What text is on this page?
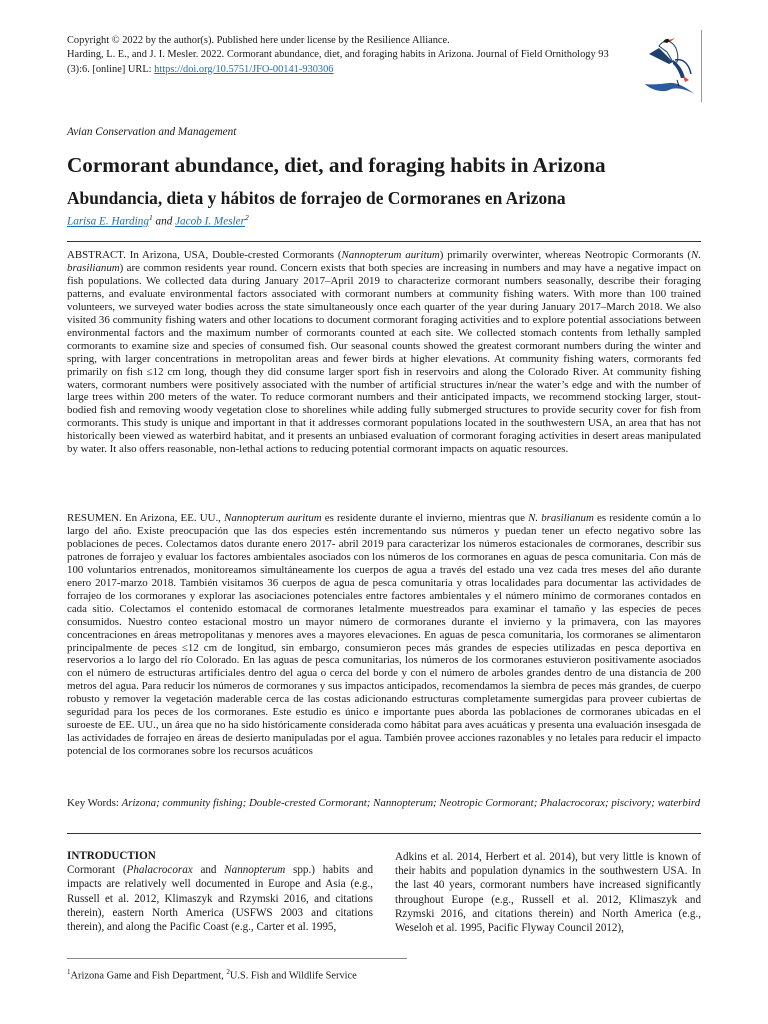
Copyright © 2022 by the author(s). Published here under license by the Resilience Alliance.
Harding, L. E., and J. I. Mesler. 2022. Cormorant abundance, diet, and foraging habits in Arizona. Journal of Field Ornithology 93 (3):6. [online] URL: https://doi.org/10.5751/JFO-00141-930306
Avian Conservation and Management
Cormorant abundance, diet, and foraging habits in Arizona
Abundancia, dieta y hábitos de forrajeo de Cormoranes en Arizona
Larisa E. Harding$^1$ and Jacob I. Mesler$^2$

ABSTRACT. In Arizona, USA, Double-crested Cormorants (Nannopterum auritum) primarily overwinter, whereas Neotropic Cormorants (N. brasilianum) are common residents year round. Concern exists that both species are increasing in numbers and may have a negative impact on fish populations. We collected data during January 2017–April 2019 to characterize cormorant numbers seasonally, describe their foraging patterns, and evaluate environmental factors associated with cormorant numbers at community fishing waters. With more than 100 trained volunteers, we surveyed water bodies across the state simultaneously once each quarter of the year during January 2017–March 2018. We also visited 36 community fishing waters and other locations to document cormorant foraging activities and to explore potential associations between environmental factors and the maximum number of cormorants counted at each site. We collected stomach contents from lethally sampled cormorants to examine size and species of consumed fish. Our seasonal counts showed the greatest cormorant numbers during the winter and spring, with larger concentrations in metropolitan areas and fewer birds at higher elevations. At community fishing waters, cormorants fed primarily on fish ≤12 cm long, though they did consume larger sport fish in reservoirs and along the Colorado River. At community fishing waters, cormorant numbers were positively associated with the number of artificial structures in/near the water’s edge and with the number of large trees within 200 meters of the water. To reduce cormorant numbers and their anticipated impacts, we recommend stocking larger, stout-bodied fish and removing woody vegetation close to shorelines while adding fully submerged structures to provide security cover for fish from cormorants. This study is unique and important in that it addresses cormorant populations located in the southwestern USA, an area that has not historically been viewed as waterbird habitat, and it presents an unbiased evaluation of cormorant foraging activities in desert areas manipulated by water. It also offers reasonable, non-lethal actions to reducing potential cormorant impacts on aquatic resources.

RESUMEN. En Arizona, EE. UU., Nannopterum auritum es residente durante el invierno, mientras que N. brasilianum es residente común a lo largo del año. Existe preocupación que las dos especies estén incrementando sus números y puedan tener un efecto negativo sobre las poblaciones de peces. Colectamos datos durante enero 2017- abril 2019 para caracterizar los números estacionales de cormoranes, describir sus patrones de forrajeo y evaluar los factores ambientales asociados con los números de los cormoranes en aguas de pesca comunitaria. Con más de 100 voluntarios entrenados, monitoreamos simultáneamente los cuerpos de agua a través del estado una vez cada tres meses del año durante enero 2017-marzo 2018. También visitamos 36 cuerpos de agua de pesca comunitaria y otras localidades para documentar las actividades de forrajeo de los cormoranes y explorar las asociaciones potenciales entre factores ambientales y el número mínimo de cormoranes contados en cada sitio. Colectamos el contenido estomacal de cormoranes letalmente muestreados para examinar el tamaño y las especies de peces consumidos. Nuestro conteo estacional mostro un mayor número de cormoranes durante el invierno y la primavera, con las mayores concentraciones en áreas metropolitanas y menores aves a mayores elevaciones. En aguas de pesca comunitaria, los cormoranes se alimentaron principalmente de peces ≤12 cm de longitud, sin embargo, consumieron peces más grandes de especies utilizadas en pesca deportiva en reservorios a lo largo del río Colorado. En las aguas de pesca comunitarias, los números de los cormoranes estuvieron positivamente asociados con el número de estructuras artificiales dentro del agua o cerca del borde y con el número de arboles grandes dentro de una distancia de 200 metros del agua. Para reducir los números de cormoranes y sus impactos anticipados, recomendamos la siembra de peces más grandes, de cuerpo robusto y remover la vegetación maderable cerca de las costas adicionando estructuras completamente sumergidas para proveer cubiertas de seguridad para los peces de los cormoranes. Este estudio es único e importante pues aborda las poblaciones de cormoranes ubicadas en el suroeste de EE. UU., un área que no ha sido históricamente considerada como hábitat para aves acuáticas y presenta una evaluación insesgada de las actividades de forrajeo en áreas de desierto manipuladas por el agua. También provee acciones razonables y no letales para reducir el impacto potencial de los cormoranes sobre los recursos acuáticos

Key Words: Arizona; community fishing; Double-crested Cormorant; Nannopterum; Neotropic Cormorant; Phalacrocorax; piscivory; waterbird

INTRODUCTION
Cormorant (Phalacrocorax and Nannopterum spp.) habits and impacts are relatively well documented in Europe and Asia (e.g., Russell et al. 2012, Klimaszyk and Rzymski 2016, and citations therein), eastern North America (USFWS 2003 and citations therein), and along the Pacific Coast (e.g., Carter et al. 1995,
Adkins et al. 2014, Herbert et al. 2014), but very little is known of their habits and population dynamics in the southwestern USA. In the last 40 years, cormorant numbers have increased significantly throughout Europe (e.g., Russell et al. 2012, Klimaszyk and Rzymski 2016, and citations therein) and North America (e.g., Weseloh et al. 1995, Pacific Flyway Council 2012),
$^1$Arizona Game and Fish Department, $^2$U.S. Fish and Wildlife Service
